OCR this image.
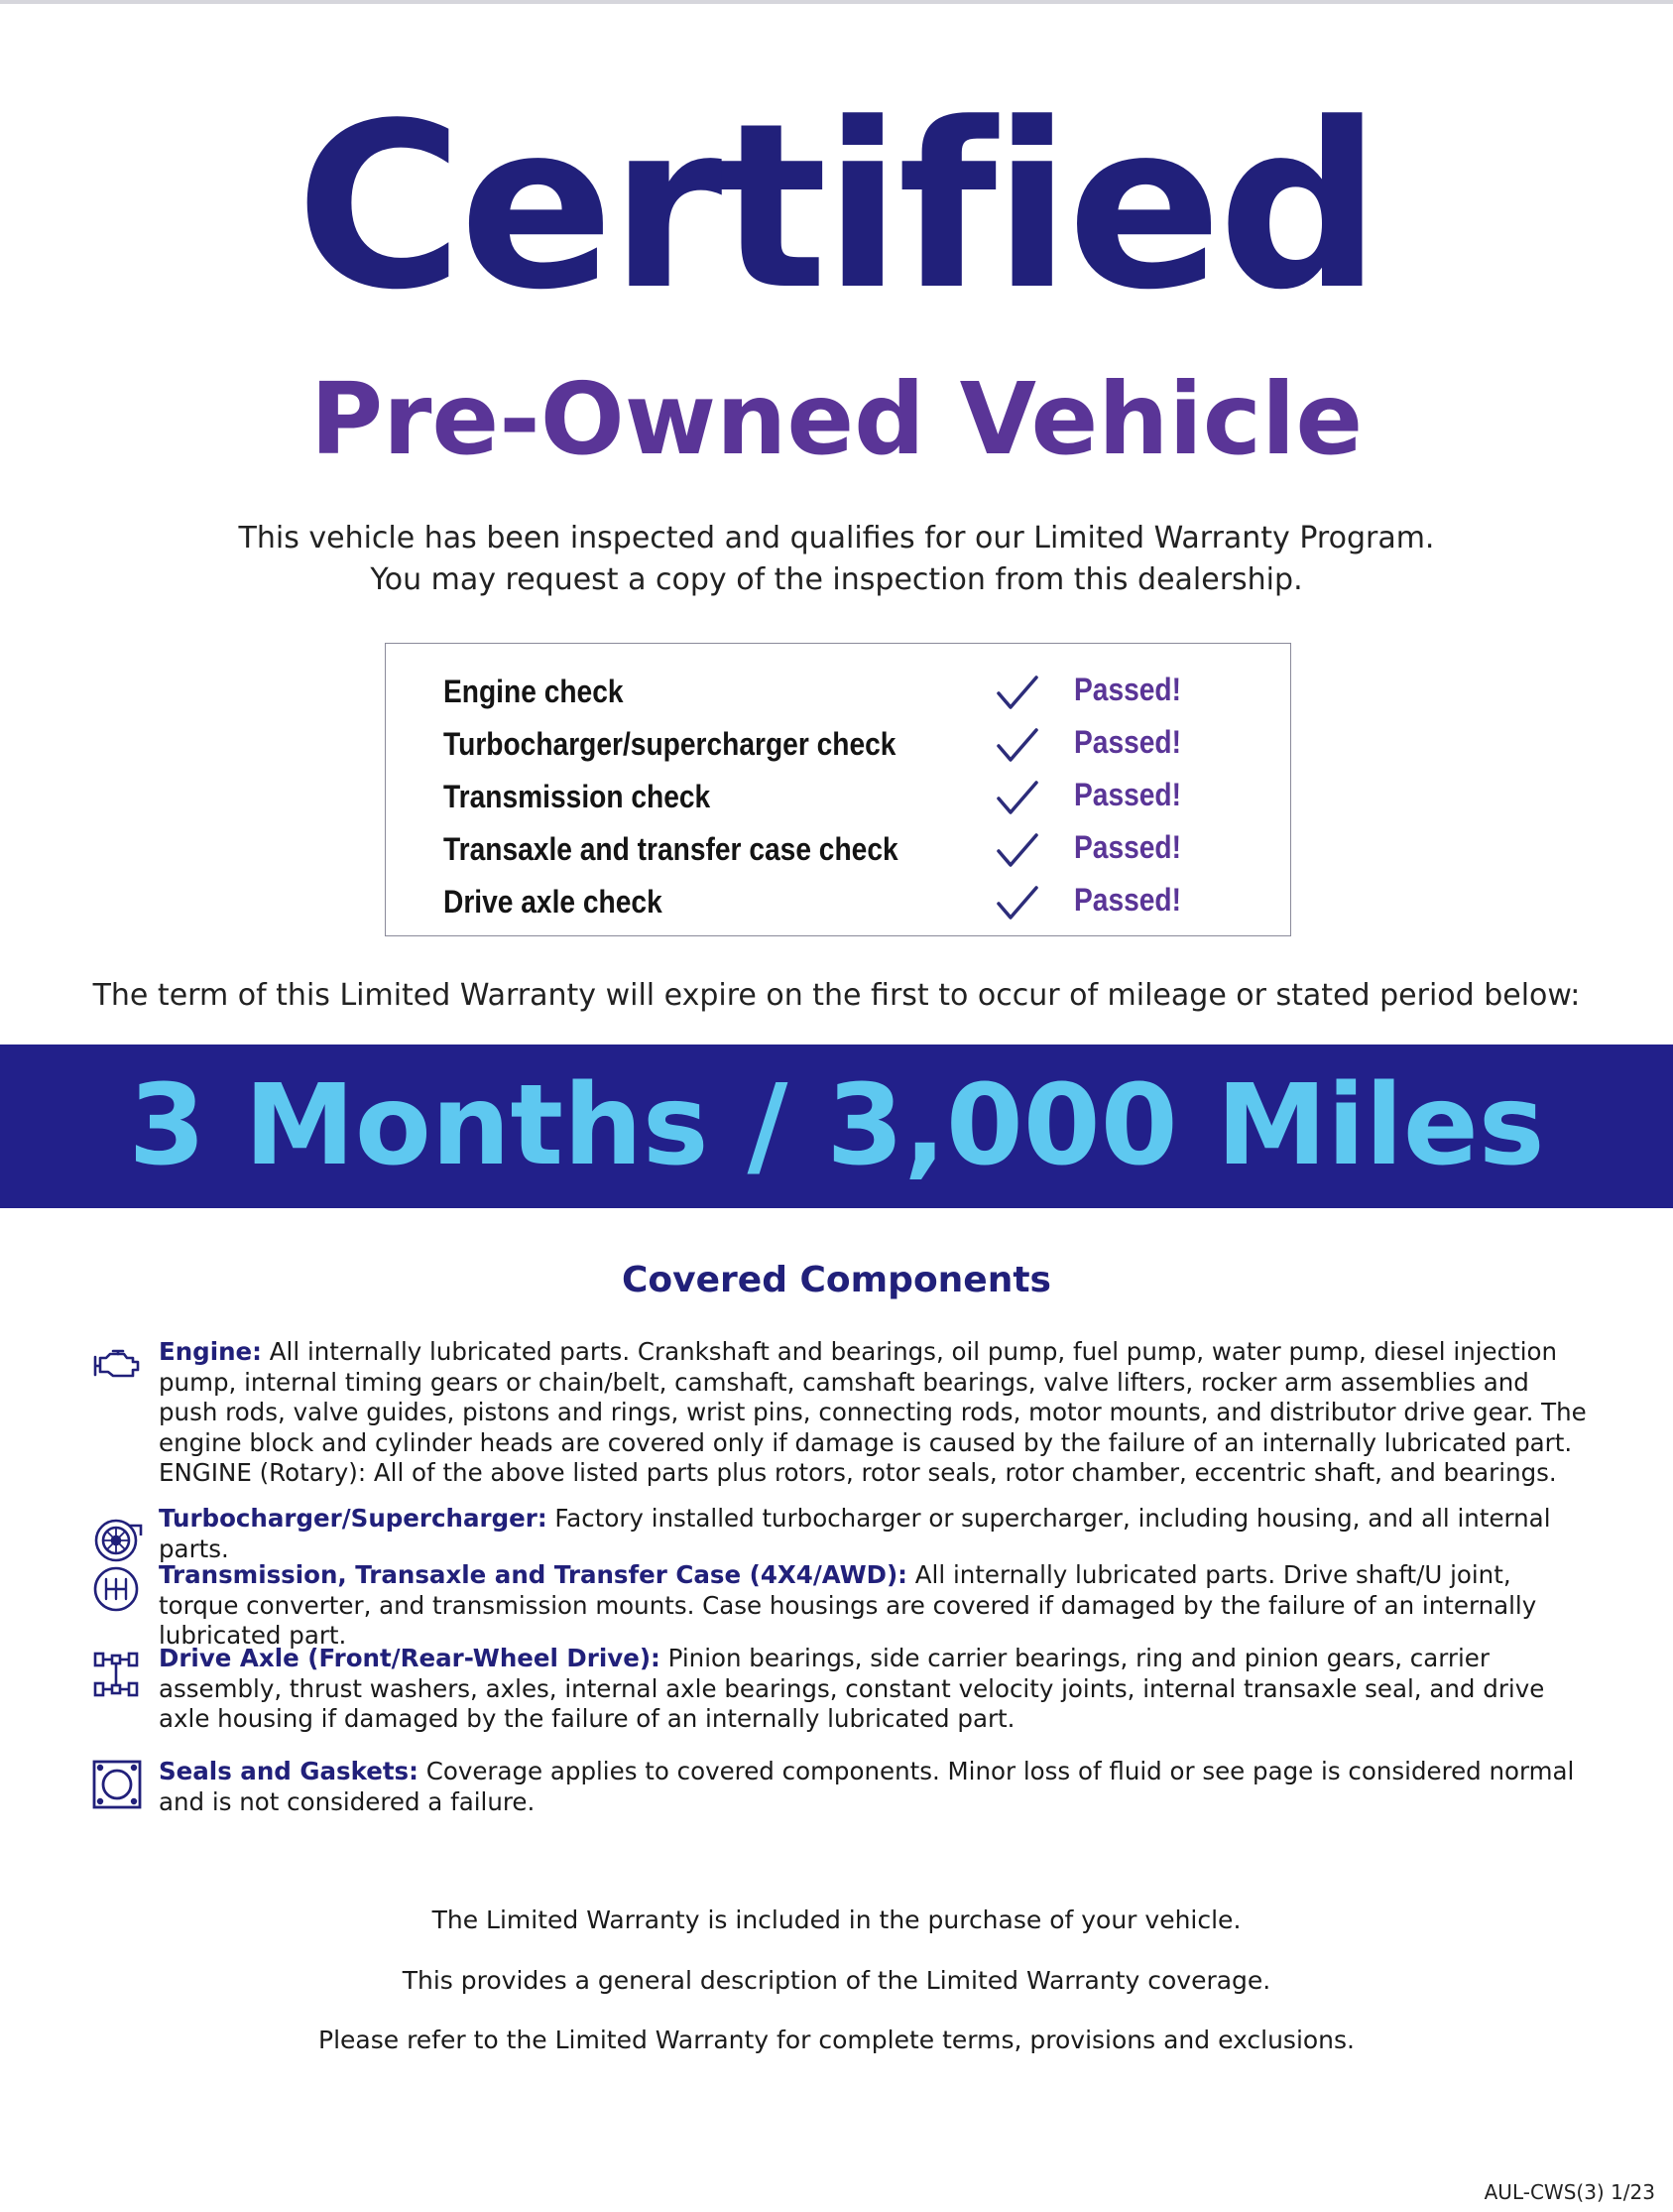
Certified
Pre-Owned Vehicle
This vehicle has been inspected and qualifies for our Limited Warranty Program.
You may request a copy of the inspection from this dealership.
Engine check	Passed!
Turbocharger/supercharger check	Passed!
Transmission check	Passed!
Transaxle and transfer case check	Passed!
Drive axle check	Passed!
The term of this Limited Warranty will expire on the first to occur of mileage or stated period below:
3 Months / 3,000 Miles
Covered Components
Engine: All internally lubricated parts. Crankshaft and bearings, oil pump, fuel pump, water pump, diesel injection pump, internal timing gears or chain/belt, camshaft, camshaft bearings, valve lifters, rocker arm assemblies and push rods, valve guides, pistons and rings, wrist pins, connecting rods, motor mounts, and distributor drive gear. The engine block and cylinder heads are covered only if damage is caused by the failure of an internally lubricated part. ENGINE (Rotary): All of the above listed parts plus rotors, rotor seals, rotor chamber, eccentric shaft, and bearings.
Turbocharger/Supercharger: Factory installed turbocharger or supercharger, including housing, and all internal parts.
Transmission, Transaxle and Transfer Case (4X4/AWD): All internally lubricated parts. Drive shaft/U joint, torque converter, and transmission mounts. Case housings are covered if damaged by the failure of an internally lubricated part.
Drive Axle (Front/Rear-Wheel Drive): Pinion bearings, side carrier bearings, ring and pinion gears, carrier assembly, thrust washers, axles, internal axle bearings, constant velocity joints, internal transaxle seal, and drive axle housing if damaged by the failure of an internally lubricated part.
Seals and Gaskets: Coverage applies to covered components. Minor loss of fluid or see page is considered normal and is not considered a failure.
The Limited Warranty is included in the purchase of your vehicle.
This provides a general description of the Limited Warranty coverage.
Please refer to the Limited Warranty for complete terms, provisions and exclusions.
AUL-CWS(3) 1/23
